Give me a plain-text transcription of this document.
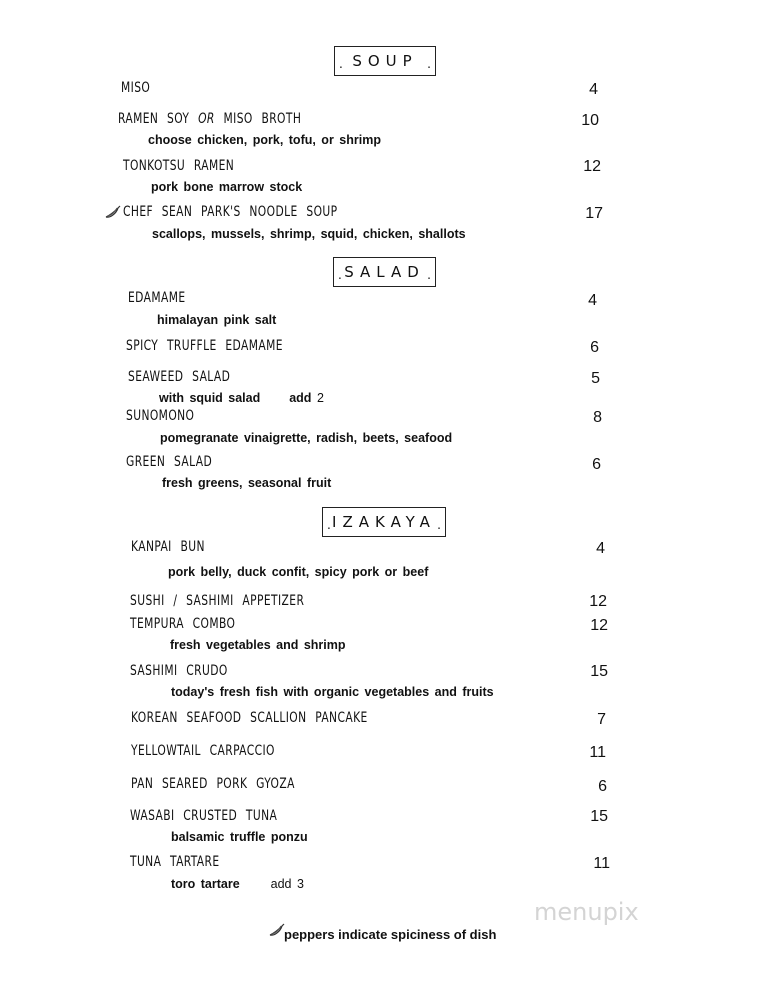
. SOUP
.
MISO	4
RAMEN SOY OR MISO BROTH	10
choose chicken, pork, tofu, or shrimp
TONKOTSU RAMEN	12
pork bone marrow stock
CHEF SEAN PARK'S NOODLE SOUP	17
scallops, mussels, shrimp, squid, chicken, shallots
. SALAD
.
EDAMAME	4
himalayan pink salt
SPICY TRUFFLE EDAMAME	6
SEAWEED SALAD	5
with squid salad add 2
SUNOMONO	8
pomegranate vinaigrette, radish, beets, seafood
GREEN SALAD	6
fresh greens, seasonal fruit
. IZAKAYA
.
KANPAI BUN	4
pork belly, duck confit, spicy pork or beef
SUSHI / SASHIMI APPETIZER	12
TEMPURA COMBO	12
fresh vegetables and shrimp
SASHIMI CRUDO	15
today's fresh fish with organic vegetables and fruits
KOREAN SEAFOOD SCALLION PANCAKE	7
YELLOWTAIL CARPACCIO	11
PAN SEARED PORK GYOZA	6
WASABI CRUSTED TUNA	15
balsamic truffle ponzu
TUNA TARTARE	11
toro tartare add 3
menupix
peppers indicate spiciness of dish
